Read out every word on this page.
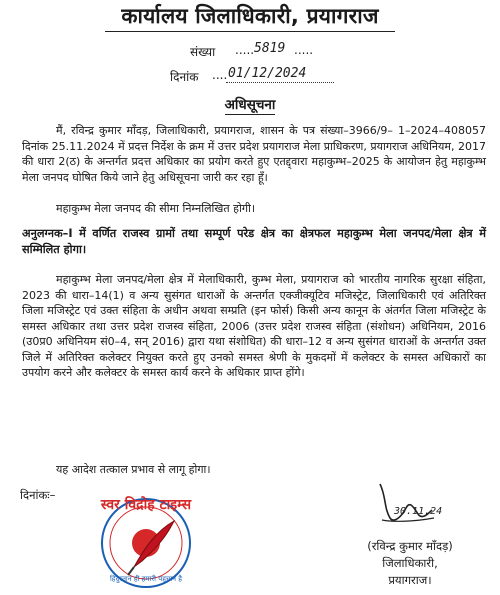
कार्यालय जिलाधिकारी, प्रयागराज
संख्या ..... 5819 .....
दिनांक .... 01/12/2024
अधिसूचना
मैं, रविन्द्र कुमार माँदड़, जिलाधिकारी, प्रयागराज, शासन के पत्र संख्या–3966/9– 1–2024–408057 दिनांक 25.11.2024 में प्रदत्त निर्देश के क्रम में उत्तर प्रदेश प्रयागराज मेला प्राधिकरण, प्रयागराज अधिनियम, 2017 की धारा 2(ठ) के अन्तर्गत प्रदत्त अधिकार का प्रयोग करते हुए एतद्द्वारा महाकुम्भ–2025 के आयोजन हेतु महाकुम्भ मेला जनपद घोषित किये जाने हेतु अधिसूचना जारी कर रहा हूँ।
महाकुम्भ मेला जनपद की सीमा निम्नलिखित होगी।
अनुलग्नक–I में वर्णित राजस्व ग्रामों तथा सम्पूर्ण परेड क्षेत्र का क्षेत्रफल महाकुम्भ मेला जनपद/मेला क्षेत्र में सम्मिलित होगा।
महाकुम्भ मेला जनपद/मेला क्षेत्र में मेलाधिकारी, कुम्भ मेला, प्रयागराज को भारतीय नागरिक सुरक्षा संहिता, 2023 की धारा–14(1) व अन्य सुसंगत धाराओं के अन्तर्गत एक्जीक्यूटिव मजिस्ट्रेट, जिलाधिकारी एवं अतिरिक्त जिला मजिस्ट्रेट एवं उक्त संहिता के अधीन अथवा सम्प्रति (इन फोर्स) किसी अन्य कानून के अंतर्गत जिला मजिस्ट्रेट के समस्त अधिकार तथा उत्तर प्रदेश राजस्व संहिता, 2006 (उत्तर प्रदेश राजस्व संहिता (संशोधन) अधिनियम, 2016 (उ0प्र0 अधिनियम सं0–4, सन् 2016) द्वारा यथा संशोधित) की धारा–12 व अन्य सुसंगत धाराओं के अन्तर्गत उक्त जिले में अतिरिक्त कलेक्टर नियुक्त करते हुए उनको समस्त श्रेणी के मुकदमों में कलेक्टर के समस्त अधिकारों का उपयोग करने और कलेक्टर के समस्त कार्य करने के अधिकार प्राप्त होंगे।
यह आदेश तत्काल प्रभाव से लागू होगा।
दिनांकः–
स्वर विद्रोह टाइम्स
हिंदुस्तान ही हमारी पहचान है
30.11.24
(रविन्द्र कुमार माँदड़)
जिलाधिकारी,
प्रयागराज।
